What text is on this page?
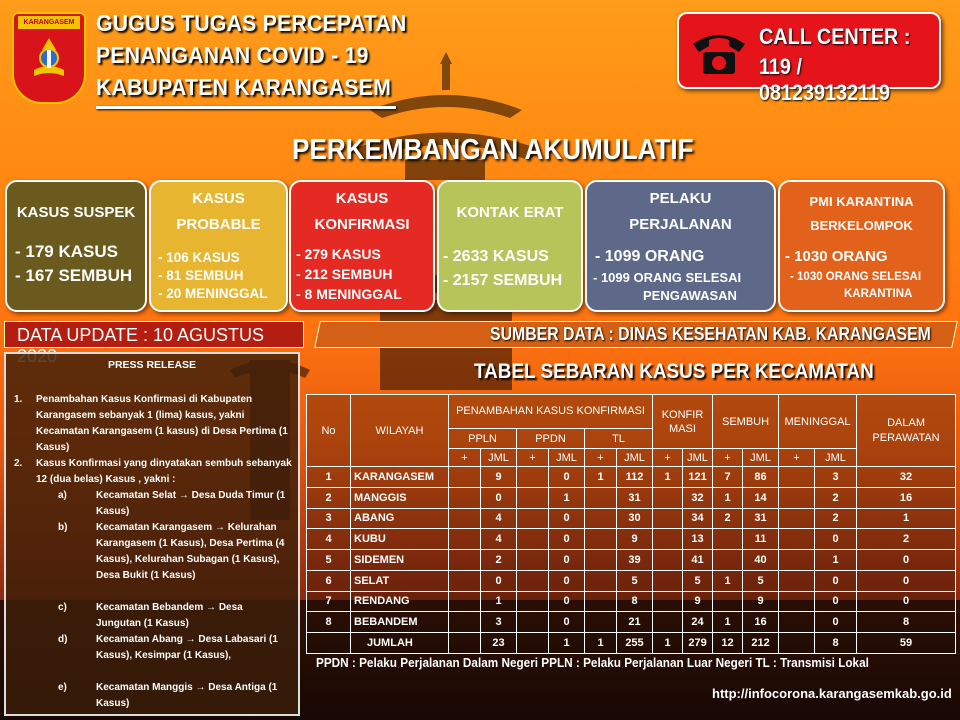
KARANGASEM GUGUS TUGAS PERCEPATAN
PENANGANAN COVID - 19
KABUPATEN KARANGASEM
CALL CENTER :
119 / 081239132119
PERKEMBANGAN AKUMULATIF
KASUS SUSPEK
- 179 KASUS
- 167 SEMBUH
KASUS
PROBABLE
- 106 KASUS
- 81 SEMBUH
- 20 MENINGGAL
KASUS
KONFIRMASI
- 279 KASUS
- 212 SEMBUH
- 8 MENINGGAL
KONTAK ERAT
- 2633 KASUS
- 2157 SEMBUH
PELAKU
PERJALANAN
- 1099 ORANG
- 1099 ORANG SELESAI
PENGAWASAN
PMI KARANTINA
BERKELOMPOK
- 1030 ORANG
- 1030 ORANG SELESAI
KARANTINA
DATA UPDATE : 10 AGUSTUS	SUMBER DATA : DINAS KESEHATAN KAB. KARANGASEM
PRESS RELEASE
1. Penambahan Kasus Konfirmasi di Kabupaten Karangasem sebanyak 1 (lima) kasus, yakni Kecamatan Karangasem (1 kasus) di Desa Pertima (1 Kasus)
2. Kasus Konfirmasi yang dinyatakan sembuh sebanyak 12 (dua belas) Kasus , yakni :
a)	Kecamatan Selat → Desa Duda Timur (1 Kasus)
b)	Kecamatan Karangasem → Kelurahan Karangasem (1 Kasus), Desa Pertima (4 Kasus), Kelurahan Subagan (1 Kasus), Desa Bukit (1 Kasus)
c)	Kecamatan Bebandem → Desa Jungutan (1 Kasus)
d)	Kecamatan Abang → Desa Labasari (1 Kasus), Kesimpar (1 Kasus),
e)	Kecamatan Manggis → Desa Antiga (1 Kasus)
TABEL SEBARAN KASUS PER KECAMATAN
No	WILAYAH	PENAMBAHAN KASUS KONFIRMASI						KONFIR MASI		SEMBUH		MENINGGAL		DALAM PERAWATAN
		PPLN		PPDN		TL								
		+	JML	+	JML	+	JML	+	JML	+	JML	+	JML	
1	KARANGASEM		9		0	1	112	1	121	7	86		3	32
2	MANGGIS		0		1		31		32	1	14		2	16
3	ABANG		4		0		30		34	2	31		2	1
4	KUBU		4		0		9		13		11		0	2
5	SIDEMEN		2		0		39		41		40		1	0
6	SELAT		0		0		5		5	1	5		0	0
7	RENDANG		1		0		8		9		9		0	0
8	BEBANDEM		3		0		21		24	1	16		0	8
	JUMLAH		23		1	1	255	1	279	12	212		8	59
PPDN : Pelaku Perjalanan Dalam Negeri PPLN : Pelaku Perjalanan Luar Negeri TL : Transmisi Lokal
http://infocorona.karangasemkab.go.id
